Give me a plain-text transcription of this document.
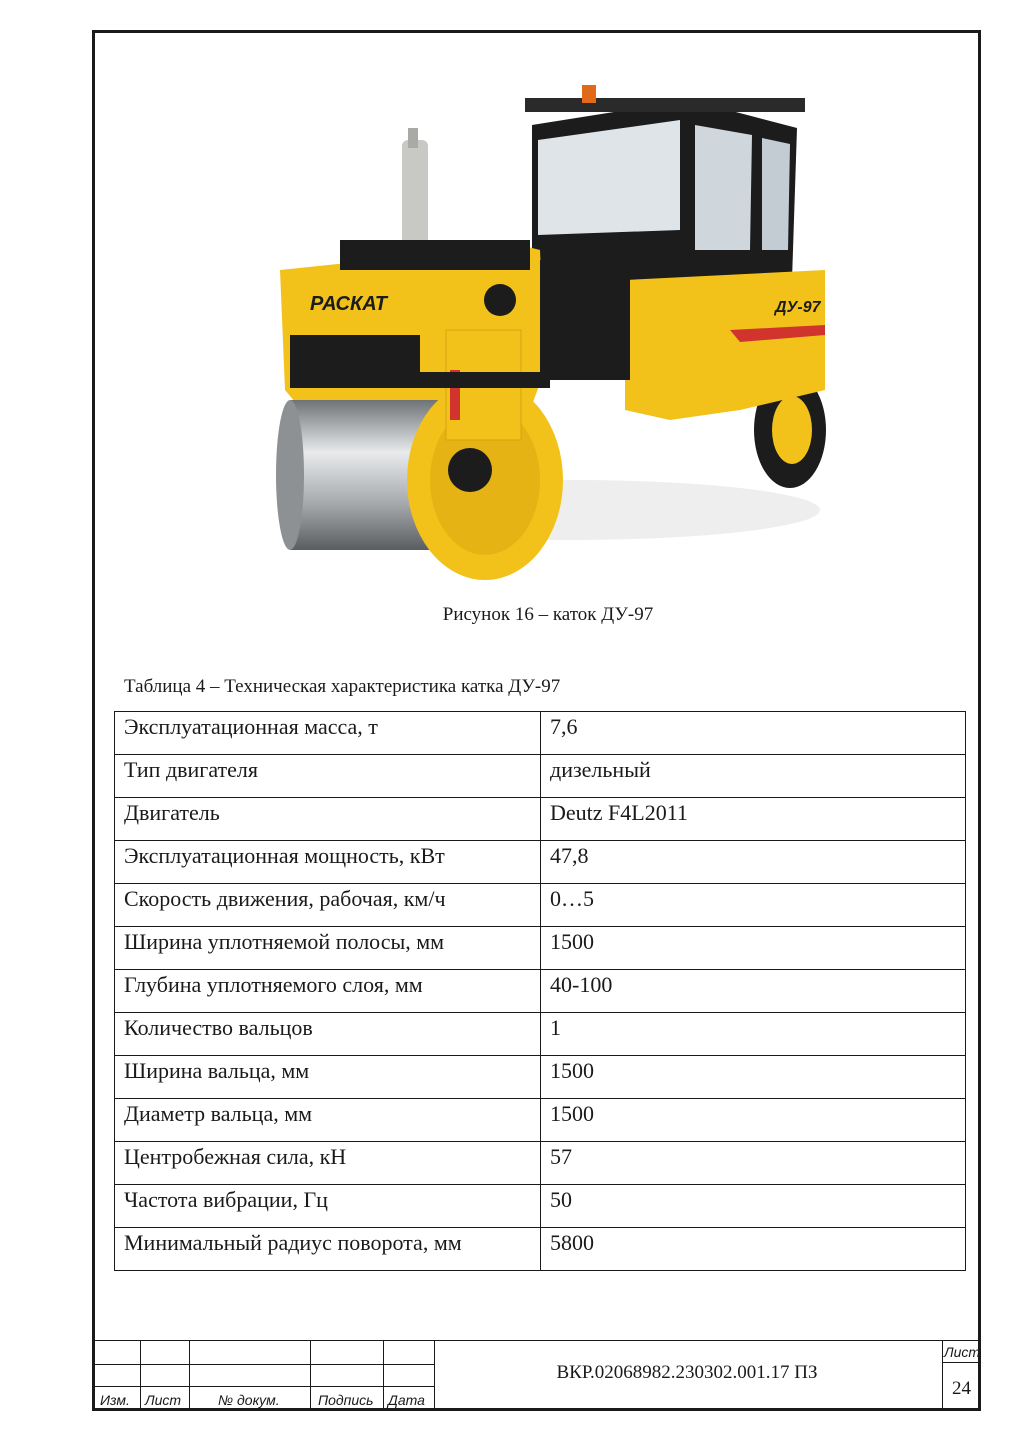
ДУ-97
РАСКАТ
Рисунок 16 – каток ДУ-97
Таблица 4 – Техническая характеристика катка ДУ-97
Эксплуатационная масса, т	7,6
Тип двигателя	дизельный
Двигатель	Deutz F4L2011
Эксплуатационная мощность, кВт	47,8
Скорость движения, рабочая, км/ч	0…5
Ширина уплотняемой полосы, мм	1500
Глубина уплотняемого слоя, мм	40-100
Количество вальцов	1
Ширина вальца, мм	1500
Диаметр вальца, мм	1500
Центробежная сила, кН	57
Частота вибрации, Гц	50
Минимальный радиус поворота, мм	5800
Изм. Лист	№ докум.	Подпись Дата
Лист
ВКР.02068982.230302.001.17 ПЗ
24
